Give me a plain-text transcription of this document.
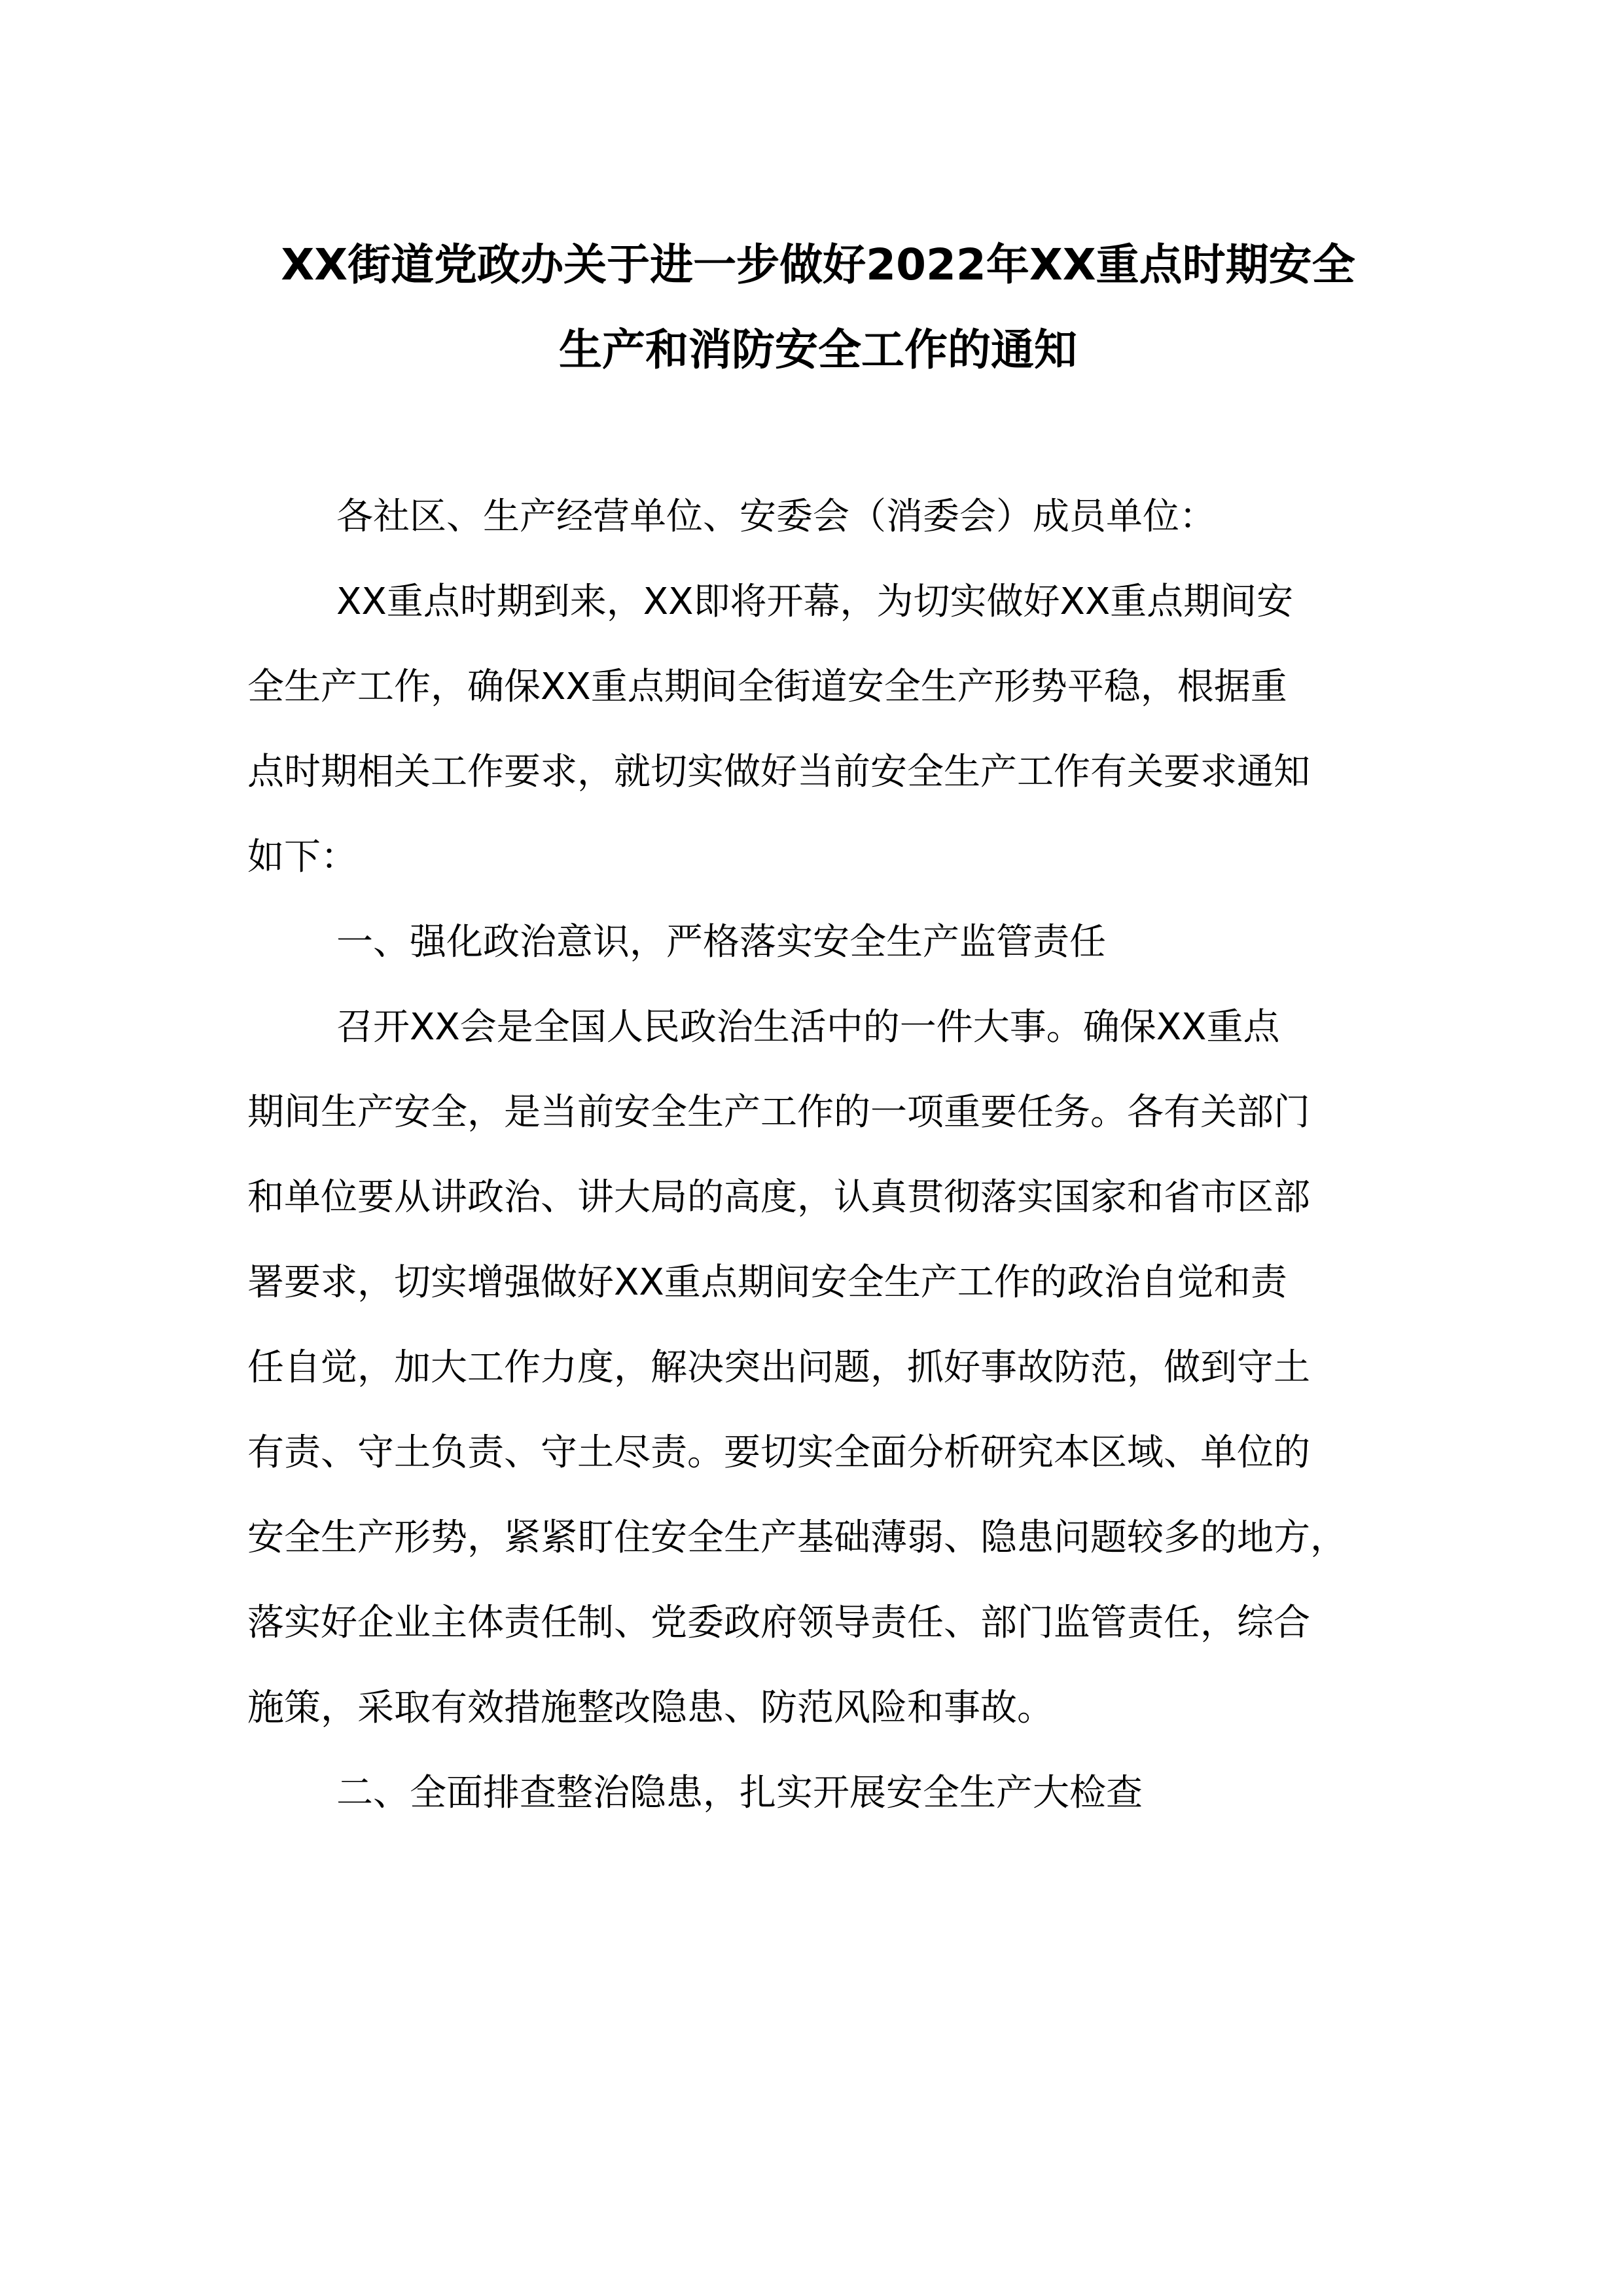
XX街道党政办关于进一步做好2022年XX重点时期安全
生产和消防安全工作的通知

各社区、生产经营单位、安委会（消委会）成员单位：

XX重点时期到来，XX即将开幕，为切实做好XX重点期间安

全生产工作，确保XX重点期间全街道安全生产形势平稳，根据重

点时期相关工作要求，就切实做好当前安全生产工作有关要求通知

如下：

一、强化政治意识，严格落实安全生产监管责任

召开XX会是全国人民政治生活中的一件大事。确保XX重点

期间生产安全，是当前安全生产工作的一项重要任务。各有关部门

和单位要从讲政治、讲大局的高度，认真贯彻落实国家和省市区部

署要求，切实增强做好XX重点期间安全生产工作的政治自觉和责

任自觉，加大工作力度，解决突出问题，抓好事故防范，做到守土

有责、守土负责、守土尽责。要切实全面分析研究本区域、单位的

安全生产形势，紧紧盯住安全生产基础薄弱、隐患问题较多的地方，

落实好企业主体责任制、党委政府领导责任、部门监管责任，综合

施策，采取有效措施整改隐患、防范风险和事故。

二、全面排查整治隐患，扎实开展安全生产大检查
